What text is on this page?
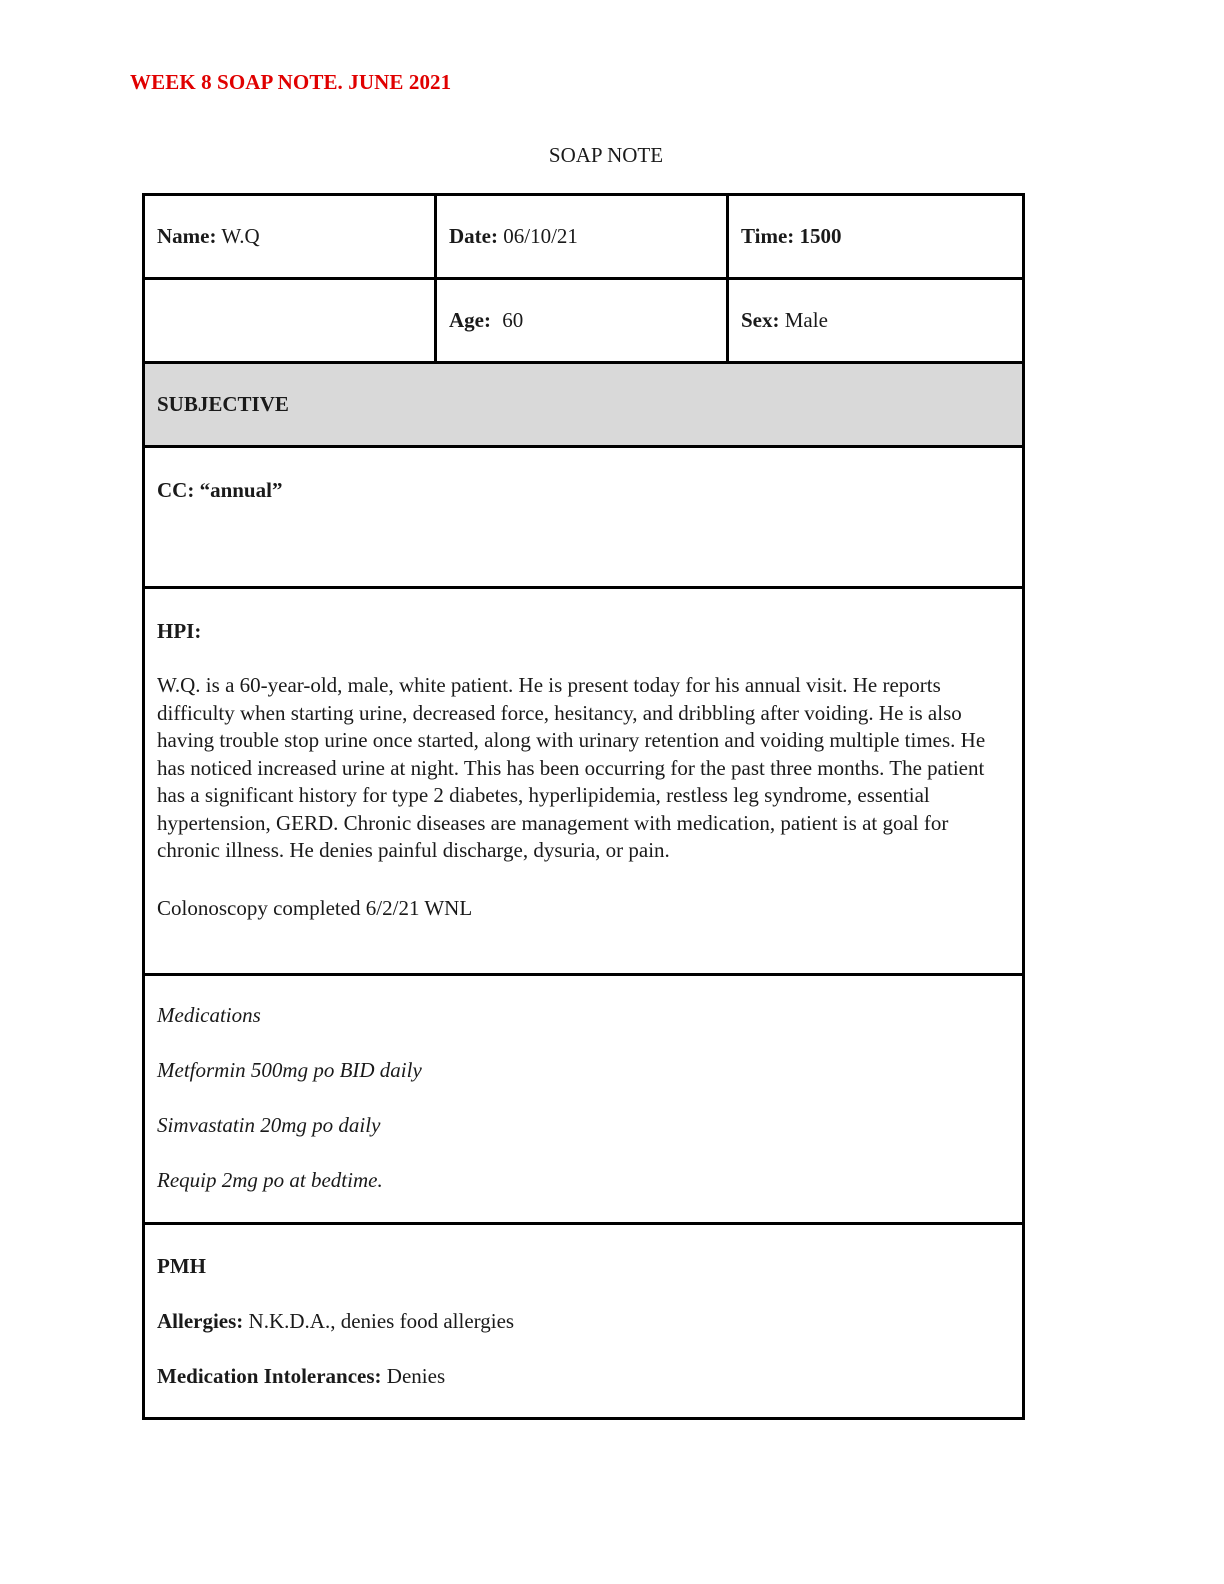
WEEK 8 SOAP NOTE. JUNE 2021
SOAP NOTE
Name: W.Q	Date: 06/10/21	Time: 1500
	Age: 60	Sex: Male
SUBJECTIVE		

CC: “annual”		

HPI:

W.Q. is a 60-year-old, male, white patient. He is present today for his annual visit. He reports difficulty when starting urine, decreased force, hesitancy, and dribbling after voiding. He is also having trouble stop urine once started, along with urinary retention and voiding multiple times. He has noticed increased urine at night. This has been occurring for the past three months. The patient has a significant history for type 2 diabetes, hyperlipidemia, restless leg syndrome, essential hypertension, GERD. Chronic diseases are management with medication, patient is at goal for chronic illness. He denies painful discharge, dysuria, or pain.

Colonoscopy completed 6/2/21 WNL		

Medications
Metformin 500mg po BID daily
Simvastatin 20mg po daily
Requip 2mg po at bedtime.		

PMH
Allergies: N.K.D.A., denies food allergies
Medication Intolerances: Denies		
